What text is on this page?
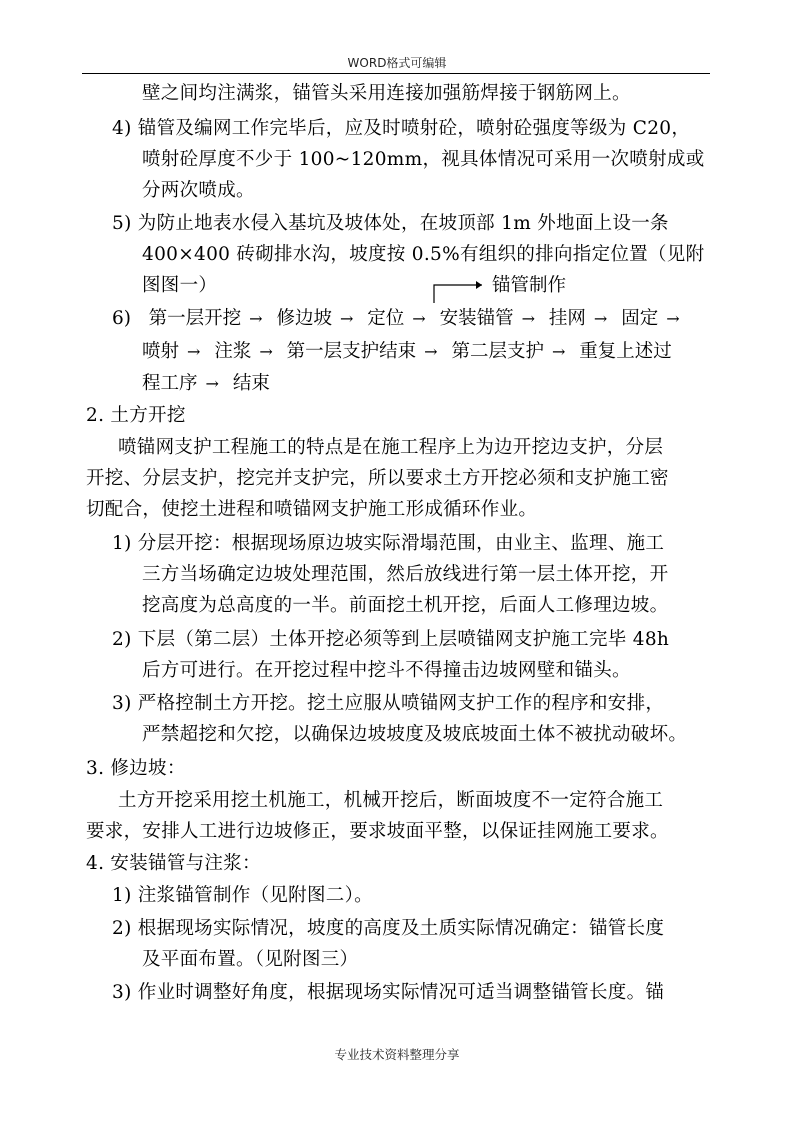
WORD格式可编辑
壁之间均注满浆，锚管头采用连接加强筋焊接于钢筋网上。
4) 锚管及编网工作完毕后，应及时喷射砼，喷射砼强度等级为 C20，
喷射砼厚度不少于 100~120mm，视具体情况可采用一次喷射成或
分两次喷成。
5) 为防止地表水侵入基坑及坡体处，在坡顶部 1m 外地面上设一条
400×400 砖砌排水沟，坡度按 0.5%有组织的排向指定位置（见附
图图一）	锚管制作
6) 第一层开挖 → 修边坡 → 定位 → 安装锚管 → 挂网 → 固定 →
喷射 → 注浆 → 第一层支护结束 → 第二层支护 → 重复上述过
程工序 → 结束
2. 土方开挖
喷锚网支护工程施工的特点是在施工程序上为边开挖边支护，分层
开挖、分层支护，挖完并支护完，所以要求土方开挖必须和支护施工密
切配合，使挖土进程和喷锚网支护施工形成循环作业。
1) 分层开挖：根据现场原边坡实际滑塌范围，由业主、监理、施工
三方当场确定边坡处理范围，然后放线进行第一层土体开挖，开
挖高度为总高度的一半。前面挖土机开挖，后面人工修理边坡。
2) 下层（第二层）土体开挖必须等到上层喷锚网支护施工完毕 48h
后方可进行。在开挖过程中挖斗不得撞击边坡网壁和锚头。
3) 严格控制土方开挖。挖土应服从喷锚网支护工作的程序和安排，
严禁超挖和欠挖，以确保边坡坡度及坡底坡面土体不被扰动破坏。
3. 修边坡：
土方开挖采用挖土机施工，机械开挖后，断面坡度不一定符合施工
要求，安排人工进行边坡修正，要求坡面平整，以保证挂网施工要求。
4. 安装锚管与注浆：
1) 注浆锚管制作（见附图二）。
2) 根据现场实际情况，坡度的高度及土质实际情况确定：锚管长度
及平面布置。（见附图三）
3) 作业时调整好角度，根据现场实际情况可适当调整锚管长度。锚
专业技术资料整理分享
